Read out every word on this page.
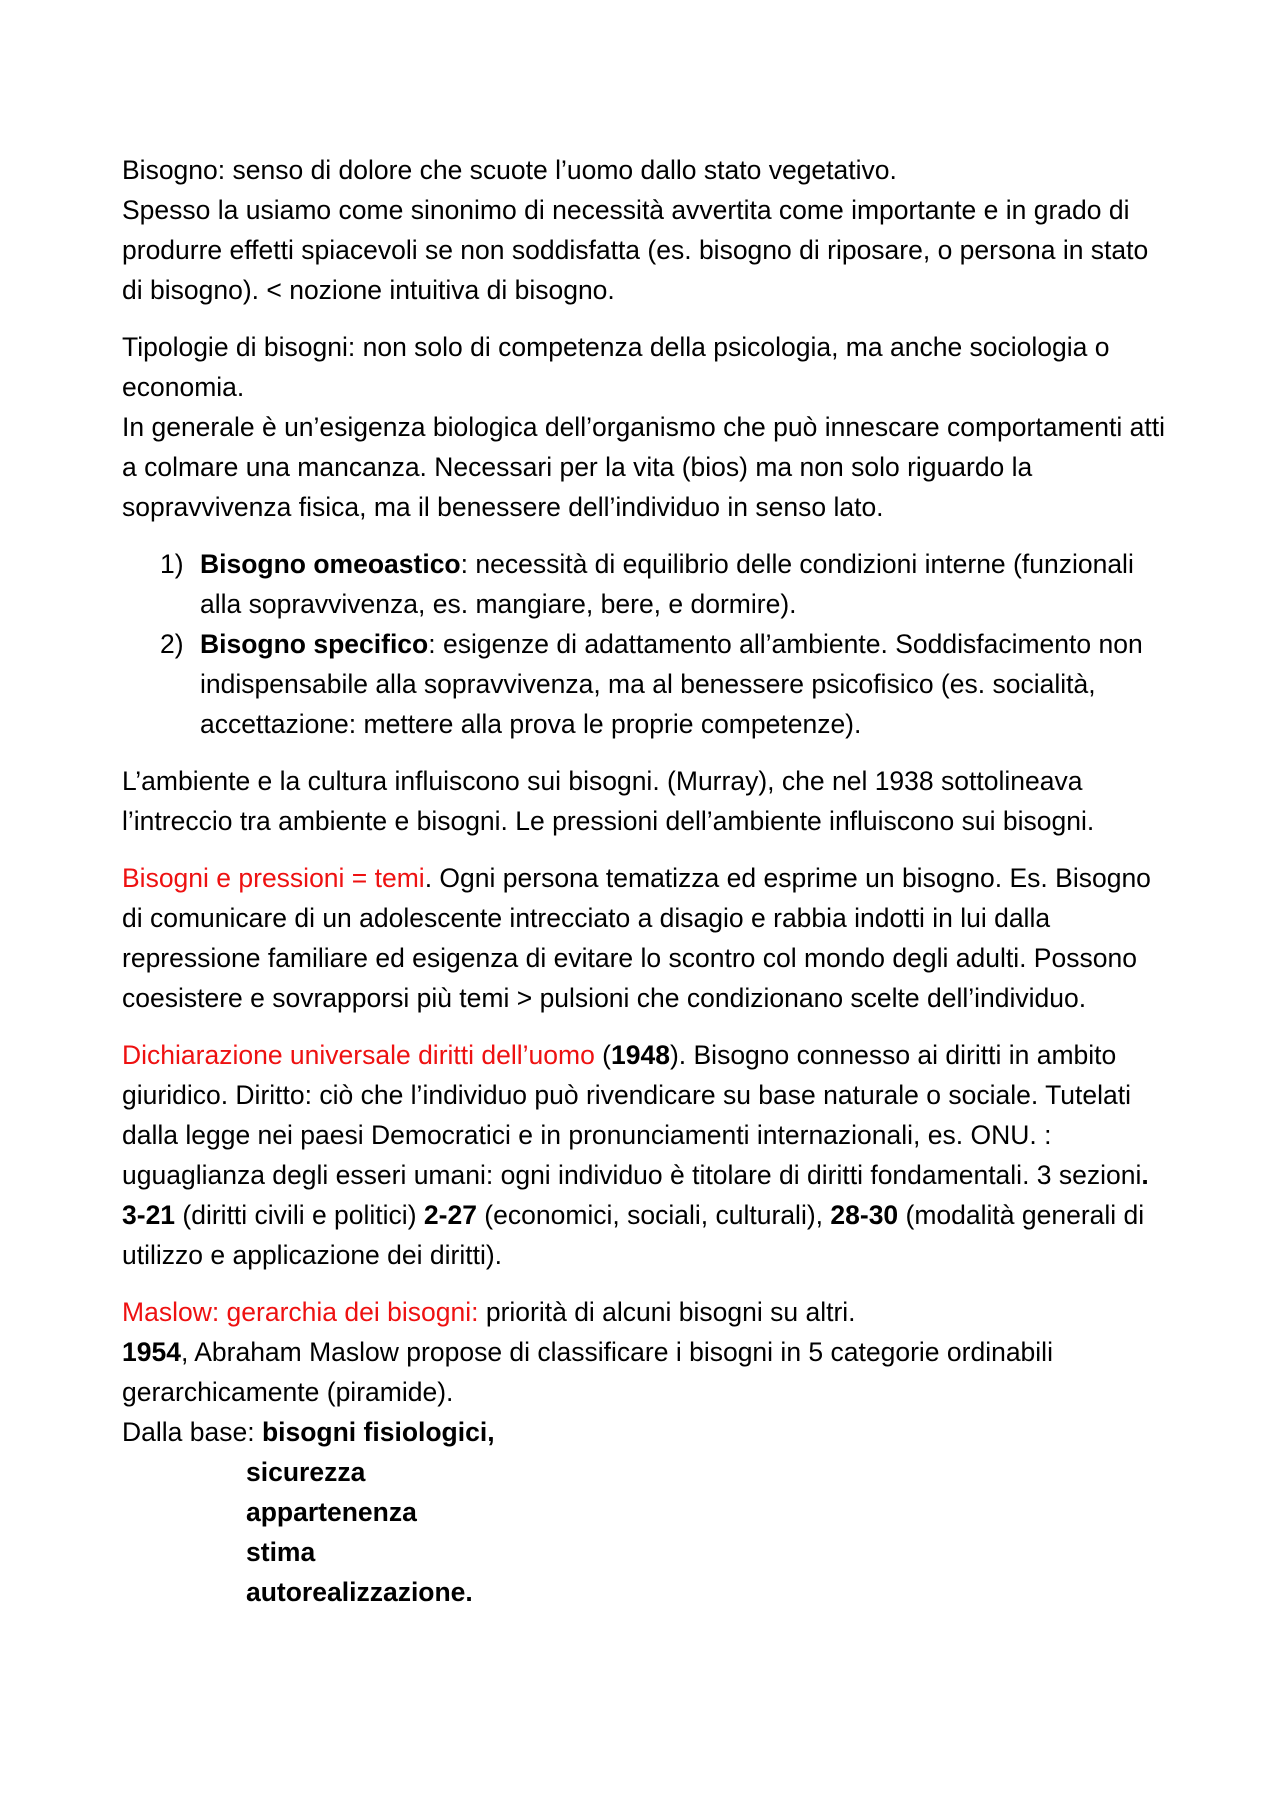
Bisogno: senso di dolore che scuote l’uomo dallo stato vegetativo.
Spesso la usiamo come sinonimo di necessità avvertita come importante e in grado di produrre effetti spiacevoli se non soddisfatta (es. bisogno di riposare, o persona in stato di bisogno). < nozione intuitiva di bisogno.

Tipologie di bisogni: non solo di competenza della psicologia, ma anche sociologia o economia.
In generale è un’esigenza biologica dell’organismo che può innescare comportamenti atti a colmare una mancanza. Necessari per la vita (bios) ma non solo riguardo la sopravvivenza fisica, ma il benessere dell’individuo in senso lato.

1) Bisogno omeoastico: necessità di equilibrio delle condizioni interne (funzionali alla sopravvivenza, es. mangiare, bere, e dormire).
2) Bisogno specifico: esigenze di adattamento all’ambiente. Soddisfacimento non indispensabile alla sopravvivenza, ma al benessere psicofisico (es. socialità, accettazione: mettere alla prova le proprie competenze).

L’ambiente e la cultura influiscono sui bisogni. (Murray), che nel 1938 sottolineava l’intreccio tra ambiente e bisogni. Le pressioni dell’ambiente influiscono sui bisogni.

Bisogni e pressioni = temi. Ogni persona tematizza ed esprime un bisogno. Es. Bisogno di comunicare di un adolescente intrecciato a disagio e rabbia indotti in lui dalla repressione familiare ed esigenza di evitare lo scontro col mondo degli adulti. Possono coesistere e sovrapporsi più temi > pulsioni che condizionano scelte dell’individuo.

Dichiarazione universale diritti dell’uomo (1948). Bisogno connesso ai diritti in ambito giuridico. Diritto: ciò che l’individuo può rivendicare su base naturale o sociale. Tutelati dalla legge nei paesi Democratici e in pronunciamenti internazionali, es. ONU. : uguaglianza degli esseri umani: ogni individuo è titolare di diritti fondamentali. 3 sezioni. 3-21 (diritti civili e politici) 2-27 (economici, sociali, culturali), 28-30 (modalità generali di utilizzo e applicazione dei diritti).

Maslow: gerarchia dei bisogni: priorità di alcuni bisogni su altri.
1954, Abraham Maslow propose di classificare i bisogni in 5 categorie ordinabili gerarchicamente (piramide).
Dalla base: bisogni fisiologici,

sicurezza
appartenenza
stima
autorealizzazione.
